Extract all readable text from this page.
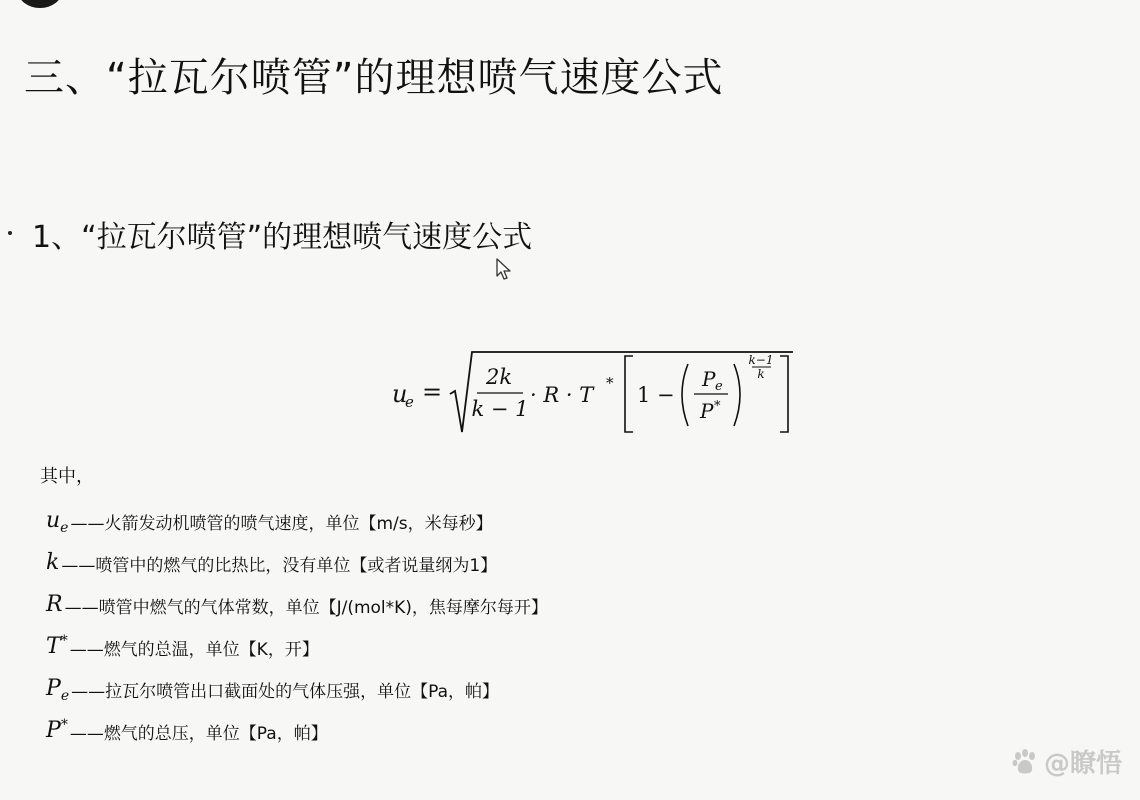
三、“拉瓦尔喷管”的理想喷气速度公式
1、“拉瓦尔喷管”的理想喷气速度公式
u
e =
2k
k − 1
· R · T * 1 −
P e
P *
k−1
k
其中，
$u_e$ ——火箭发动机喷管的喷气速度，单位【m/s，米每秒】
k ——喷管中的燃气的比热比，没有单位【或者说量纲为1】
R ——喷管中燃气的气体常数，单位【J/(mol*K)，焦每摩尔每开】
T* ——燃气的总温，单位【K，开】
$P_e$ ——拉瓦尔喷管出口截面处的气体压强，单位【Pa，帕】
P* ——燃气的总压，单位【Pa，帕】
@瞭悟
